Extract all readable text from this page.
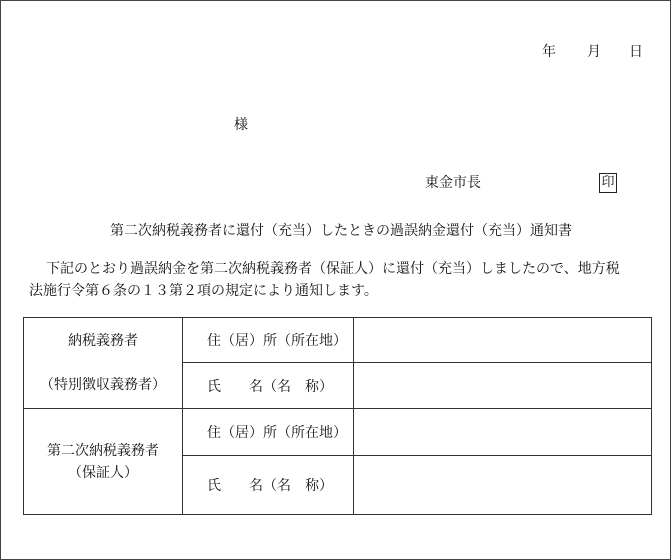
年 月 日
様
東金市長	印
第二次納税義務者に還付（充当）したときの過誤納金還付（充当）通知書
下記のとおり過誤納金を第二次納税義務者（保証人）に還付（充当）しましたので、地方税
法施行令第６条の１３第２項の規定により通知します。
納税義務者
（特別徴収義務者）	住（居）所（所在地）	
	氏　　名（名　称）	

第二次納税義務者
（保証人）	住（居）所（所在地）	
	氏　　名（名　称）	
